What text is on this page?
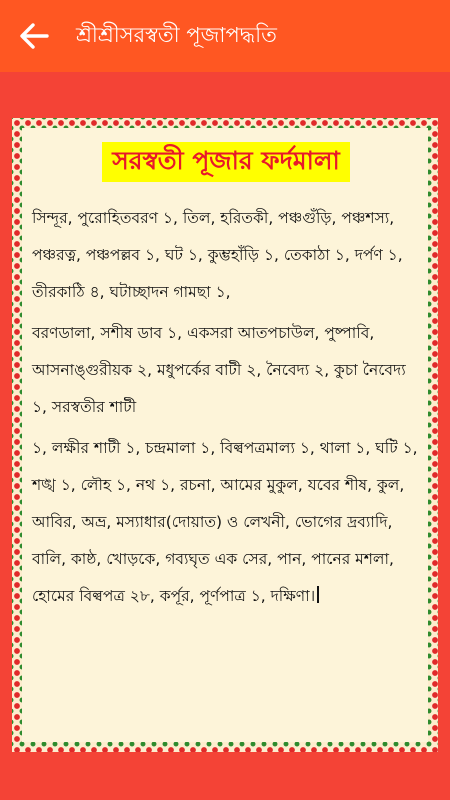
শ্রীশ্রীসরস্বতী পূজাপদ্ধতি
সরস্বতী পূজার ফর্দমালা

সিন্দূর, পুরোহিতবরণ ১, তিল, হরিতকী, পঞ্চগুঁড়ি, পঞ্চশস্য, পঞ্চরত্ন, পঞ্চপল্লব ১, ঘট ১, কুম্ভহাঁড়ি ১, তেকাঠা ১, দর্পণ ১, তীরকাঠি ৪, ঘটাচ্ছাদন গামছা ১,

বরণডালা, সশীষ ডাব ১, একসরা আতপচাউল, পুষ্পাবি, আসনাঙ্গুরীয়ক ২, মধুপর্কের বাটী ২, নৈবেদ্য ২, কুচা নৈবেদ্য ১, সরস্বতীর শাটী

১, লক্ষীর শাটী ১, চন্দ্রমালা ১, বিল্বপত্রমাল্য ১, থালা ১, ঘটি ১, শঙ্খ ১, লৌহ ১, নথ ১, রচনা, আমের মুকুল, যবের শীষ, কুল, আবির, অভ্র, মস্যাধার(দোয়াত) ও লেখনী, ভোগের দ্রব্যাদি, বালি, কাষ্ঠ, খোড়কে, গব্যঘৃত এক সের, পান, পানের মশলা, হোমের বিল্বপত্র ২৮, কর্পূর, পূর্ণপাত্র ১, দক্ষিণা।
